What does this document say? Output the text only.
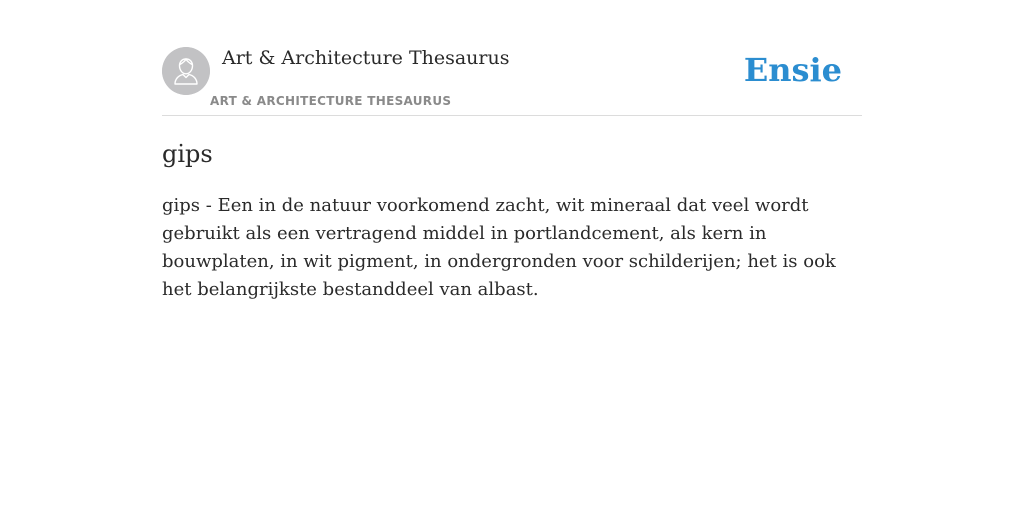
Art & Architecture Thesaurus
ART & ARCHITECTURE THESAURUS
Ensie
gips

gips - Een in de natuur voorkomend zacht, wit mineraal dat veel wordt gebruikt als een vertragend middel in portlandcement, als kern in bouwplaten, in wit pigment, in ondergronden voor schilderijen; het is ook het belangrijkste bestanddeel van albast.
